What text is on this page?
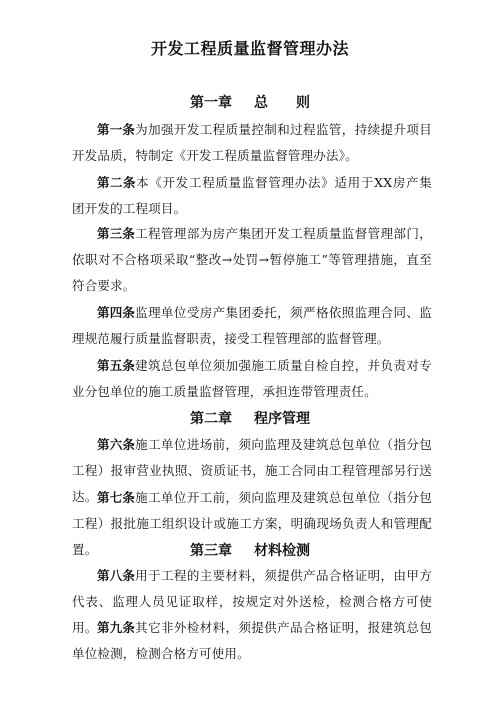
开发工程质量监督管理办法
第一章 总　　则
第一条为加强开发工程质量控制和过程监管，持续提升项目开发品质，特制定《开发工程质量监督管理办法》。
第二条本《开发工程质量监督管理办法》适用于XX房产集团开发的工程项目。
第三条工程管理部为房产集团开发工程质量监督管理部门，依职对不合格项采取“整改→处罚→暂停施工”等管理措施，直至符合要求。
第四条监理单位受房产集团委托，须严格依照监理合同、监理规范履行质量监督职责，接受工程管理部的监督管理。
第五条建筑总包单位须加强施工质量自检自控，并负责对专业分包单位的施工质量监督管理，承担连带管理责任。
第二章 程序管理
第六条施工单位进场前，须向监理及建筑总包单位（指分包工程）报审营业执照、资质证书，施工合同由工程管理部另行送达。 第七条施工单位开工前，须向监理及建筑总包单位（指分包工程）报批施工组织设计或施工方案，明确现场负责人和管理配置。	第三章 材料检测
第八条用于工程的主要材料，须提供产品合格证明，由甲方代表、监理人员见证取样，按规定对外送检，检测合格方可使用。 第九条其它非外检材料，须提供产品合格证明，报建筑总包单位检测，检测合格方可使用。
